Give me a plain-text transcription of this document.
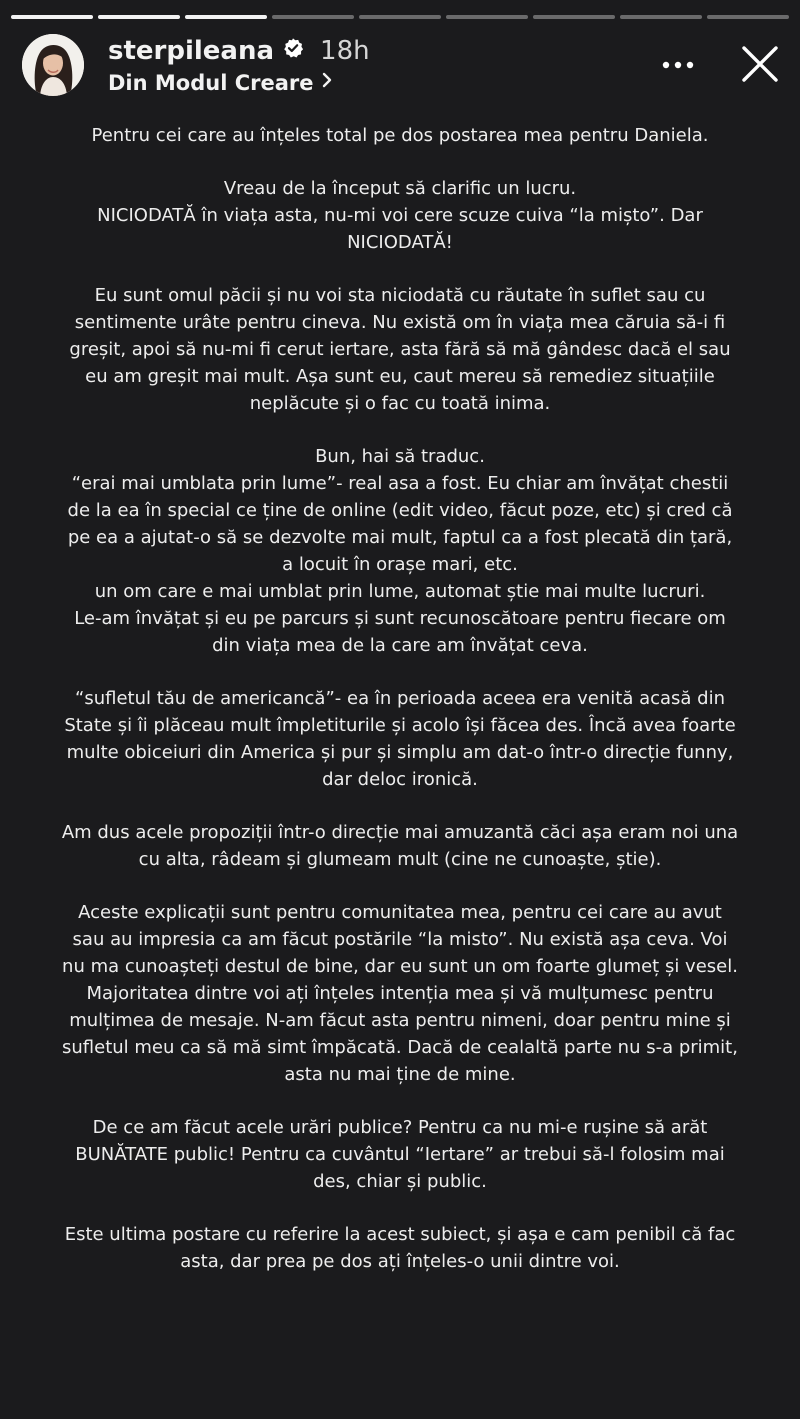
sterpileana 18h
Din Modul Creare
Pentru cei care au înțeles total pe dos postarea mea pentru Daniela.
Vreau de la început să clarific un lucru.
NICIODATĂ în viața asta, nu-mi voi cere scuze cuiva “la mișto”. Dar NICIODATĂ!
Eu sunt omul păcii și nu voi sta niciodată cu răutate în suflet sau cu sentimente urâte pentru cineva. Nu există om în viața mea căruia să-i fi greșit, apoi să nu-mi fi cerut iertare, asta fără să mă gândesc dacă el sau eu am greșit mai mult. Așa sunt eu, caut mereu să remediez situațiile neplăcute și o fac cu toată inima.
Bun, hai să traduc.
“erai mai umblata prin lume”- real asa a fost. Eu chiar am învățat chestii de la ea în special ce ține de online (edit video, făcut poze, etc) și cred că pe ea a ajutat-o să se dezvolte mai mult, faptul ca a fost plecată din țară, a locuit în orașe mari, etc.
un om care e mai umblat prin lume, automat știe mai multe lucruri.
Le-am învățat și eu pe parcurs și sunt recunoscătoare pentru fiecare om din viața mea de la care am învățat ceva.
“sufletul tău de americancă”- ea în perioada aceea era venită acasă din State și îi plăceau mult împletiturile și acolo își făcea des. Încă avea foarte multe obiceiuri din America și pur și simplu am dat-o într-o direcție funny, dar deloc ironică.
Am dus acele propoziții într-o direcție mai amuzantă căci așa eram noi una cu alta, râdeam și glumeam mult (cine ne cunoaște, știe).
Aceste explicații sunt pentru comunitatea mea, pentru cei care au avut sau au impresia ca am făcut postările “la misto”. Nu există așa ceva. Voi nu ma cunoașteți destul de bine, dar eu sunt un om foarte glumeț și vesel.
Majoritatea dintre voi ați înțeles intenția mea și vă mulțumesc pentru mulțimea de mesaje. N-am făcut asta pentru nimeni, doar pentru mine și sufletul meu ca să mă simt împăcată. Dacă de cealaltă parte nu s-a primit, asta nu mai ține de mine.
De ce am făcut acele urări publice? Pentru ca nu mi-e rușine să arăt BUNĂTATE public! Pentru ca cuvântul “Iertare” ar trebui să-l folosim mai des, chiar și public.
Este ultima postare cu referire la acest subiect, și așa e cam penibil că fac asta, dar prea pe dos ați înțeles-o unii dintre voi.
